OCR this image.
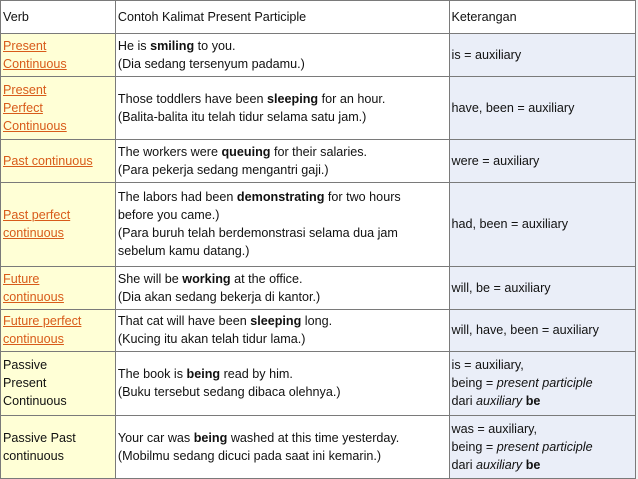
Verb	Contoh Kalimat Present Participle	Keterangan

Present
Continuous	He is smiling to you.
(Dia sedang tersenyum padamu.)	is = auxiliary

Present
Perfect
Continuous	Those toddlers have been sleeping for an hour.
(Balita-balita itu telah tidur selama satu jam.)	have, been = auxiliary

Past continuous	The workers were queuing for their salaries.
(Para pekerja sedang mengantri gaji.)	were = auxiliary

Past perfect
continuous	The labors had been demonstrating for two hours
before you came.)
(Para buruh telah berdemonstrasi selama dua jam
sebelum kamu datang.)	had, been = auxiliary

Future
continuous	She will be working at the office.
(Dia akan sedang bekerja di kantor.)	will, be = auxiliary

Future perfect
continuous	That cat will have been sleeping long.
(Kucing itu akan telah tidur lama.)	will, have, been = auxiliary

Passive
Present
Continuous	The book is being read by him.
(Buku tersebut sedang dibaca olehnya.)	is = auxiliary,
being = present participle
dari auxiliary be

Passive Past
continuous	Your car was being washed at this time yesterday.
(Mobilmu sedang dicuci pada saat ini kemarin.)	was = auxiliary,
being = present participle
dari auxiliary be
